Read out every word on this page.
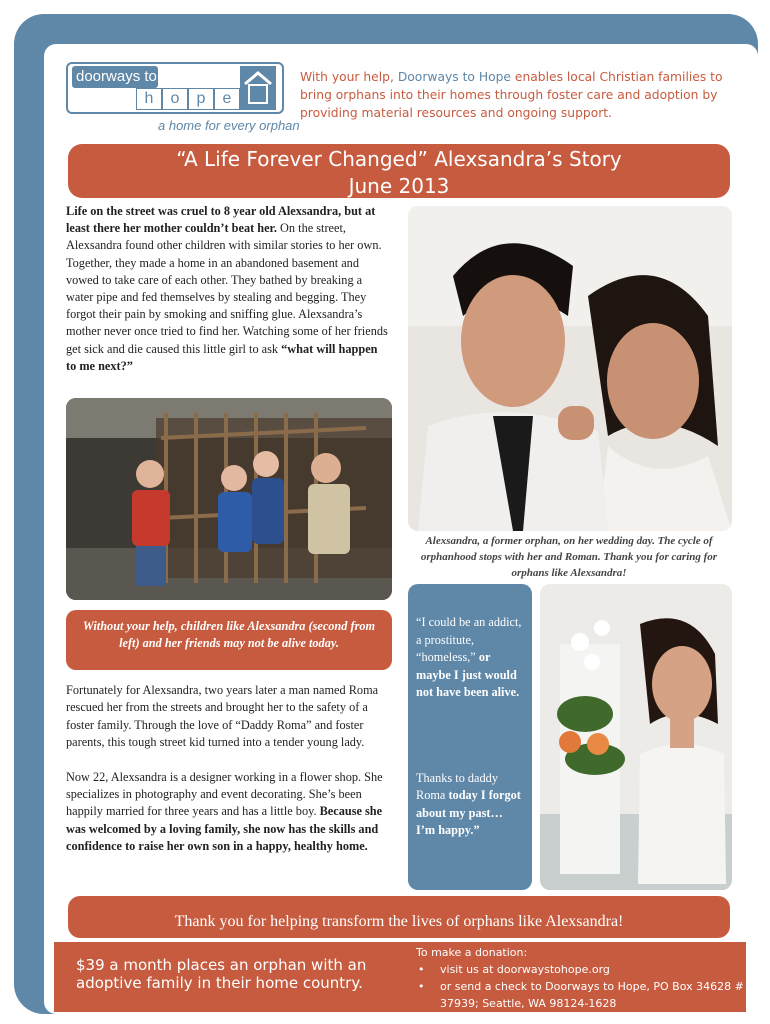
doorways to
h	o	p	e
a home for every orphan
With your help, Doorways to Hope enables local Christian families to bring orphans into their homes through foster care and adoption by providing material resources and ongoing support.
“A Life Forever Changed” Alexsandra’s Story
June 2013
Life on the street was cruel to 8 year old Alexsandra, but at least there her mother couldn’t beat her. On the street, Alexsandra found other children with similar stories to her own. Together, they made a home in an abandoned basement and vowed to take care of each other. They bathed by breaking a water pipe and fed themselves by stealing and begging. They forgot their pain by smoking and sniffing glue. Alexsandra’s mother never once tried to find her. Watching some of her friends get sick and die caused this little girl to ask “what will happen to me next?”
Alexsandra, a former orphan, on her wedding day. The cycle of orphanhood stops with her and Roman. Thank you for caring for orphans like Alexsandra!
Without your help, children like Alexsandra (second from left) and her friends may not be alive today.

Fortunately for Alexsandra, two years later a man named Roma rescued her from the streets and brought her to the safety of a foster family. Through the love of “Daddy Roma” and foster parents, this tough street kid turned into a tender young lady.

Now 22, Alexsandra is a designer working in a flower shop. She specializes in photography and event decorating. She’s been happily married for three years and has a little boy. Because she was welcomed by a loving family, she now has the skills and confidence to raise her own son in a happy, healthy home.

“I could be an addict, a prostitute, “homeless,” or maybe I just would not have been alive.
Thanks to daddy Roma today I forgot about my past… I’m happy.”
Thank you for helping transform the lives of orphans like Alexsandra!
$39 a month places an orphan with an adoptive family in their home country.
To make a donation:
• visit us at doorwaystohope.org
• or send a check to Doorways to Hope, PO Box 34628 # 37939; Seattle, WA 98124-1628
